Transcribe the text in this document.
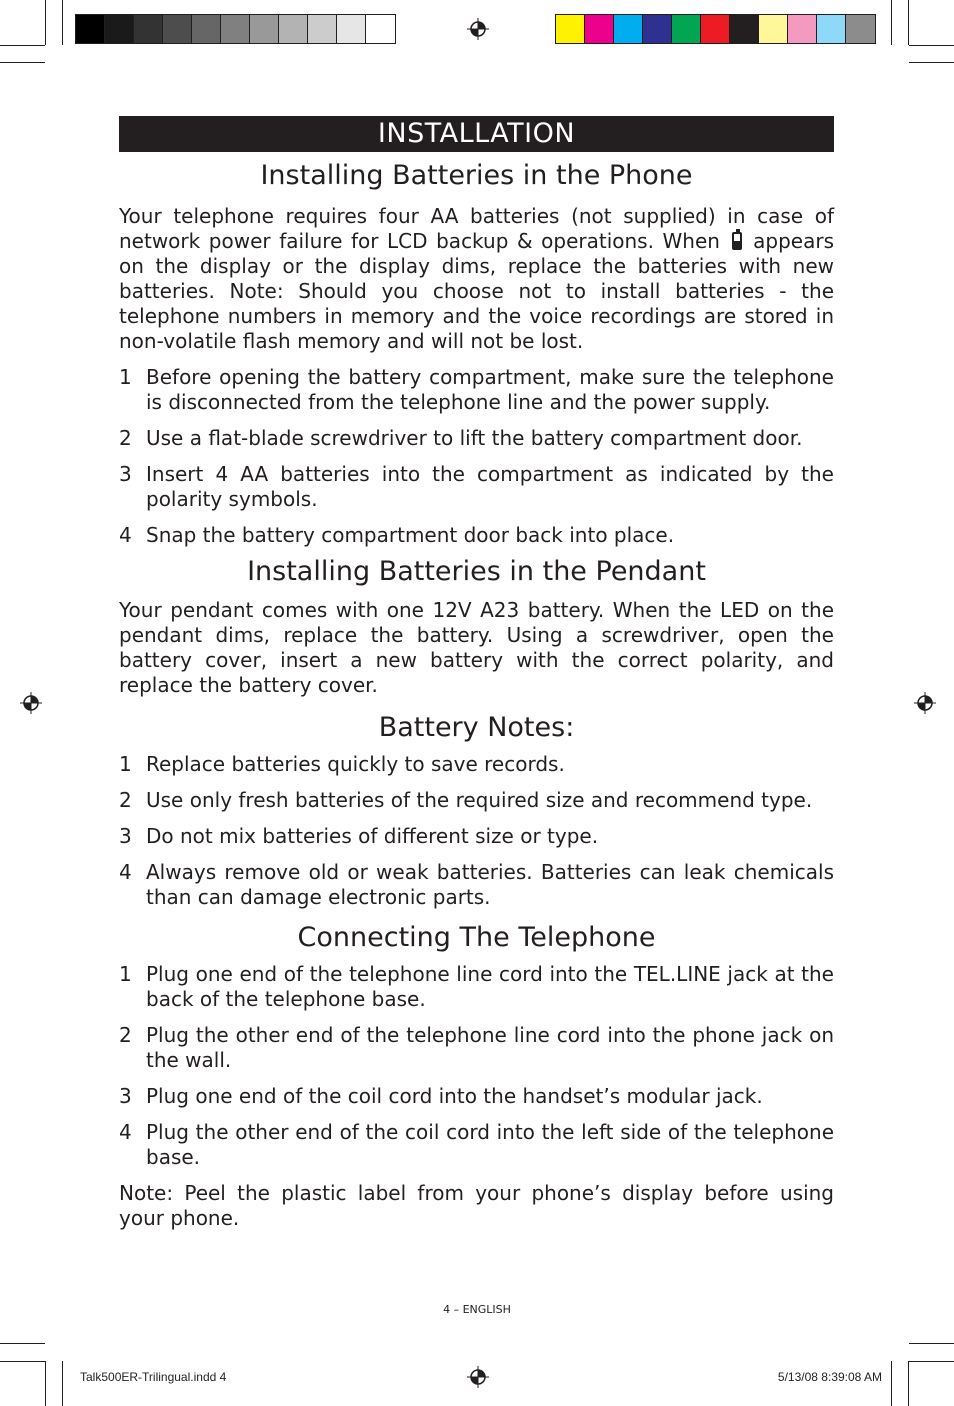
INSTALLATION
Installing Batteries in the Phone

Your telephone requires four AA batteries (not supplied) in case of network power failure for LCD backup & operations. When appears on the display or the display dims, replace the batteries with new batteries. Note: Should you choose not to install batteries - the telephone numbers in memory and the voice recordings are stored in non-volatile flash memory and will not be lost.

1 Before opening the battery compartment, make sure the telephone is disconnected from the telephone line and the power supply.
2 Use a flat-blade screwdriver to lift the battery compartment door.
3 Insert 4 AA batteries into the compartment as indicated by the polarity symbols.
4 Snap the battery compartment door back into place.
Installing Batteries in the Pendant

Your pendant comes with one 12V A23 battery. When the LED on the pendant dims, replace the battery. Using a screwdriver, open the battery cover, insert a new battery with the correct polarity, and replace the battery cover.

Battery Notes:
1 Replace batteries quickly to save records.
2 Use only fresh batteries of the required size and recommend type.
3 Do not mix batteries of different size or type.
4 Always remove old or weak batteries. Batteries can leak chemicals than can damage electronic parts.
Connecting The Telephone
1 Plug one end of the telephone line cord into the TEL.LINE jack at the back of the telephone base.
2 Plug the other end of the telephone line cord into the phone jack on the wall.
3 Plug one end of the coil cord into the handset’s modular jack.
4 Plug the other end of the coil cord into the left side of the telephone base.

Note: Peel the plastic label from your phone’s display before using your phone.

4 – ENGLISH
Talk500ER-Trilingual.indd 4	5/13/08 8:39:08 AM
